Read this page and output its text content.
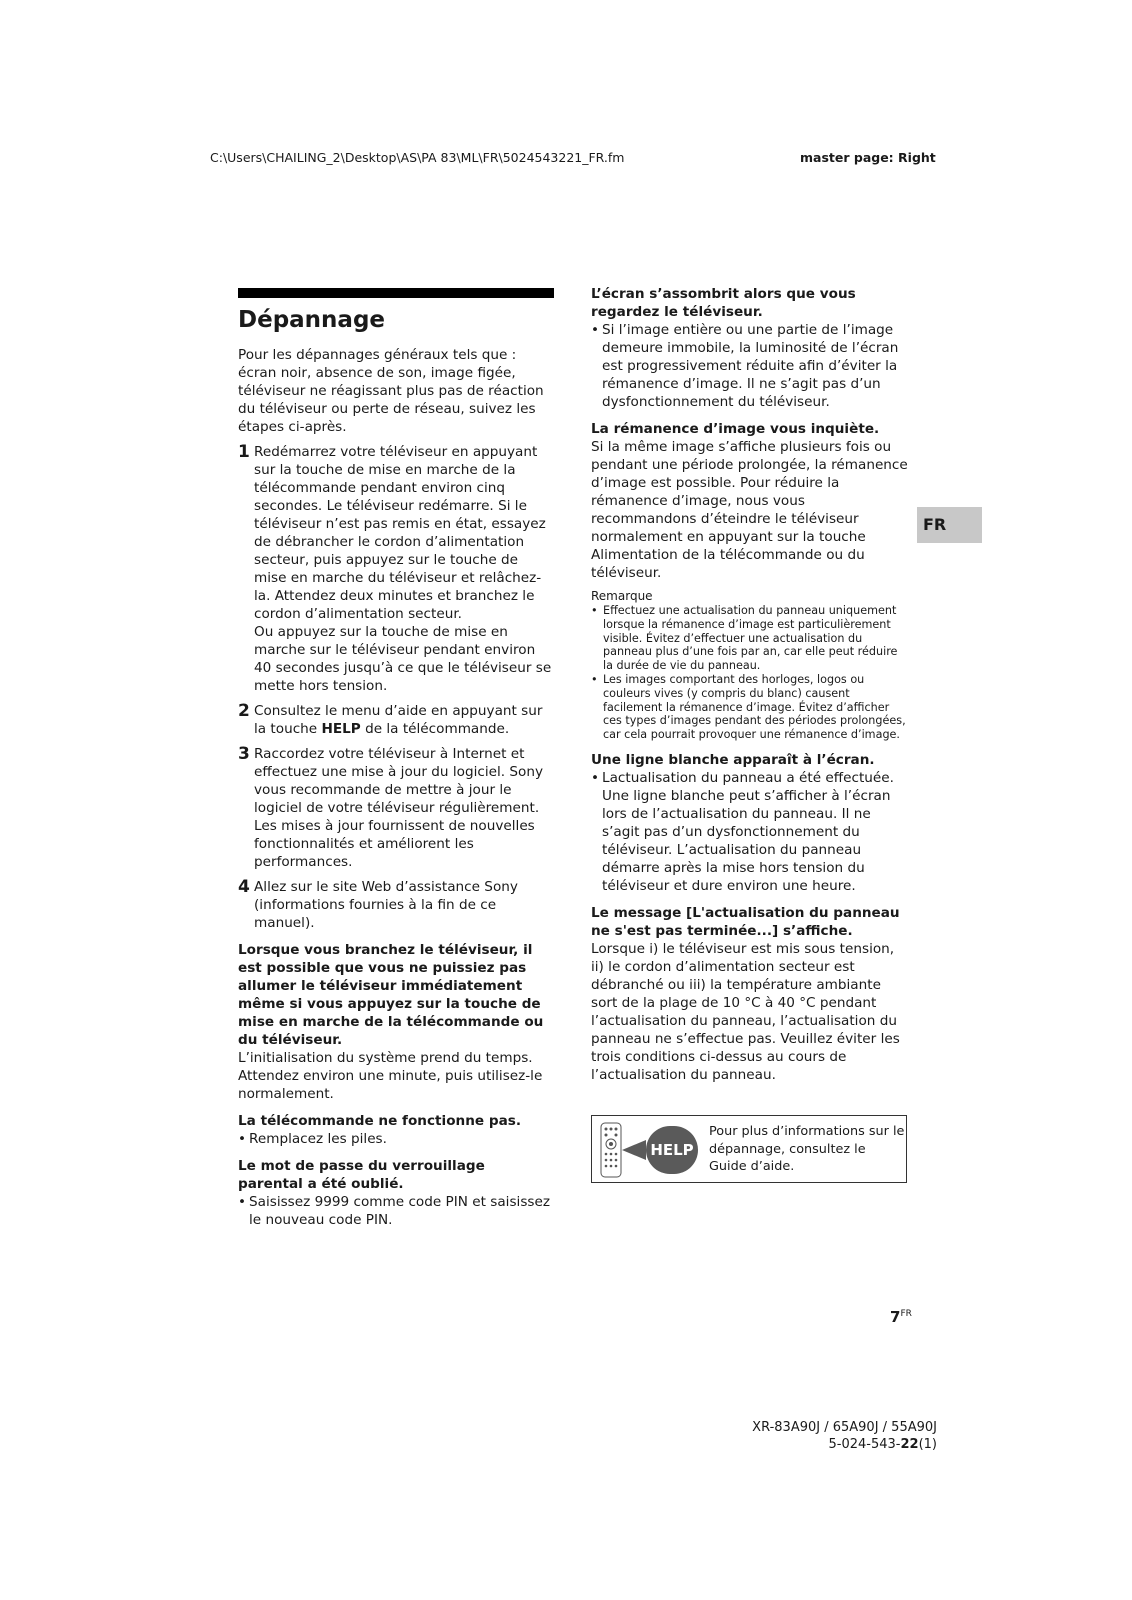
C:\Users\CHAILING_2\Desktop\AS\PA 83\ML\FR\5024543221_FR.fm	master page: Right
Dépannage

Pour les dépannages généraux tels que : écran noir, absence de son, image figée, téléviseur ne réagissant plus pas de réaction du téléviseur ou perte de réseau, suivez les étapes ci-après.

1 Redémarrez votre téléviseur en appuyant sur la touche de mise en marche de la télécommande pendant environ cinq secondes. Le téléviseur redémarre. Si le téléviseur n’est pas remis en état, essayez de débrancher le cordon d’alimentation secteur, puis appuyez sur le touche de mise en marche du téléviseur et relâchez-la. Attendez deux minutes et branchez le cordon d’alimentation secteur.

Ou appuyez sur la touche de mise en marche sur le téléviseur pendant environ 40 secondes jusqu’à ce que le téléviseur se mette hors tension.

2 Consultez le menu d’aide en appuyant sur la touche HELP de la télécommande.

3 Raccordez votre téléviseur à Internet et effectuez une mise à jour du logiciel. Sony vous recommande de mettre à jour le logiciel de votre téléviseur régulièrement. Les mises à jour fournissent de nouvelles fonctionnalités et améliorent les performances.

4 Allez sur le site Web d’assistance Sony (informations fournies à la fin de ce manuel).

Lorsque vous branchez le téléviseur, il est possible que vous ne puissiez pas allumer le téléviseur immédiatement même si vous appuyez sur la touche de mise en marche de la télécommande ou du téléviseur.

L’initialisation du système prend du temps. Attendez environ une minute, puis utilisez-le normalement.

La télécommande ne fonctionne pas.

• Remplacez les piles.

Le mot de passe du verrouillage parental a été oublié.

• Saisissez 9999 comme code PIN et saisissez le nouveau code PIN.

L’écran s’assombrit alors que vous regardez le téléviseur.

• Si l’image entière ou une partie de l’image demeure immobile, la luminosité de l’écran est progressivement réduite afin d’éviter la rémanence d’image. Il ne s’agit pas d’un dysfonctionnement du téléviseur.

La rémanence d’image vous inquiète.

Si la même image s’affiche plusieurs fois ou pendant une période prolongée, la rémanence d’image est possible. Pour réduire la rémanence d’image, nous vous recommandons d’éteindre le téléviseur normalement en appuyant sur la touche Alimentation de la télécommande ou du téléviseur.

Remarque

• Effectuez une actualisation du panneau uniquement lorsque la rémanence d’image est particulièrement visible. Évitez d’effectuer une actualisation du panneau plus d’une fois par an, car elle peut réduire la durée de vie du panneau.
• Les images comportant des horloges, logos ou couleurs vives (y compris du blanc) causent facilement la rémanence d’image. Évitez d’afficher ces types d’images pendant des périodes prolongées, car cela pourrait provoquer une rémanence d’image.

Une ligne blanche apparaît à l’écran.

• Lactualisation du panneau a été effectuée. Une ligne blanche peut s’afficher à l’écran lors de l’actualisation du panneau. Il ne s’agit pas d’un dysfonctionnement du téléviseur. L’actualisation du panneau démarre après la mise hors tension du téléviseur et dure environ une heure.

Le message [L'actualisation du panneau ne s'est pas terminée...] s’affiche.

Lorsque i) le téléviseur est mis sous tension, ii) le cordon d’alimentation secteur est débranché ou iii) la température ambiante sort de la plage de 10 °C à 40 °C pendant l’actualisation du panneau, l’actualisation du panneau ne s’effectue pas. Veuillez éviter les trois conditions ci-dessus au cours de l’actualisation du panneau.

HELP
Pour plus d’informations sur le dépannage, consultez le Guide d’aide.
FR
$7^{FR}$
XR-83A90J / 65A90J / 55A90J
5-024-543-22(1)
